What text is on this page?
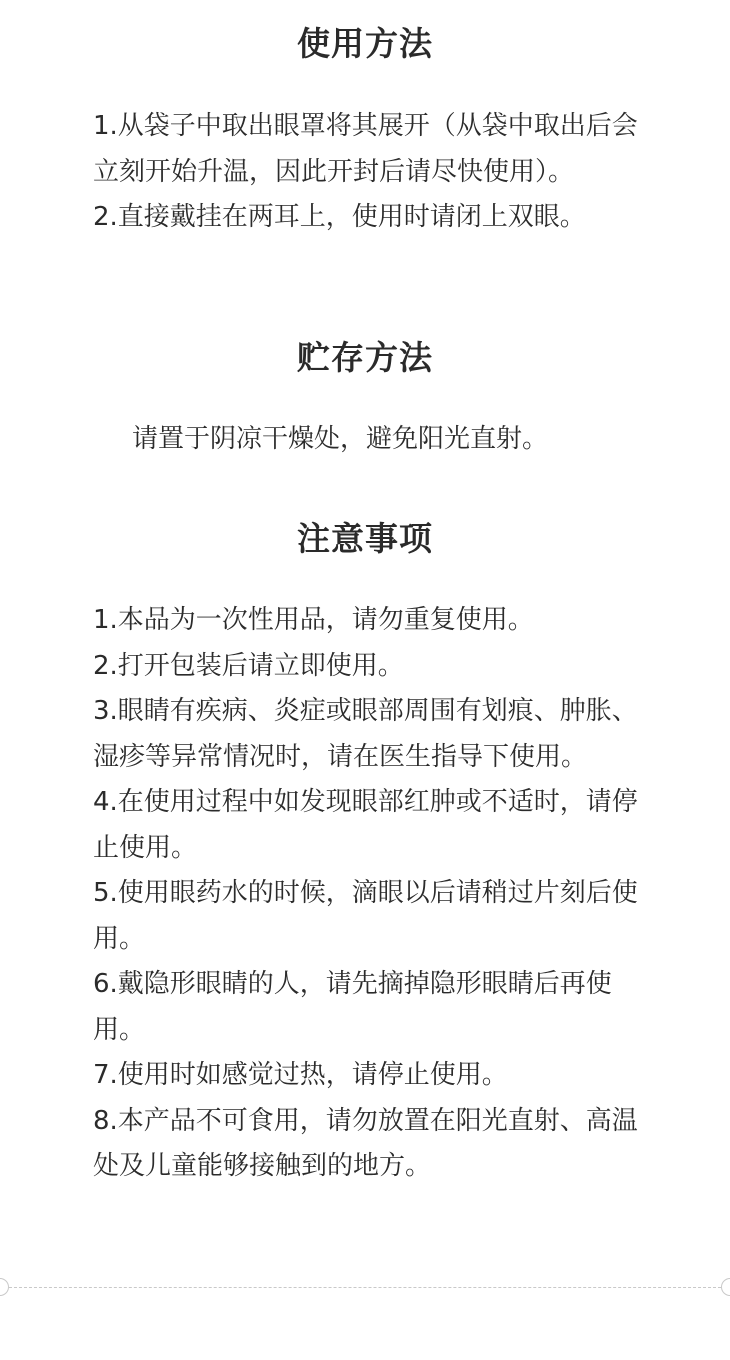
使用方法

1.从袋子中取出眼罩将其展开（从袋中取出后会立刻开始升温，因此开封后请尽快使用）。

2.直接戴挂在两耳上，使用时请闭上双眼。

贮存方法

请置于阴凉干燥处，避免阳光直射。

注意事项

1.本品为一次性用品，请勿重复使用。

2.打开包装后请立即使用。

3.眼睛有疾病、炎症或眼部周围有划痕、肿胀、湿疹等异常情况时，请在医生指导下使用。

4.在使用过程中如发现眼部红肿或不适时，请停止使用。

5.使用眼药水的时候，滴眼以后请稍过片刻后使用。

6.戴隐形眼睛的人，请先摘掉隐形眼睛后再使用。

7.使用时如感觉过热，请停止使用。

8.本产品不可食用，请勿放置在阳光直射、高温处及儿童能够接触到的地方。
